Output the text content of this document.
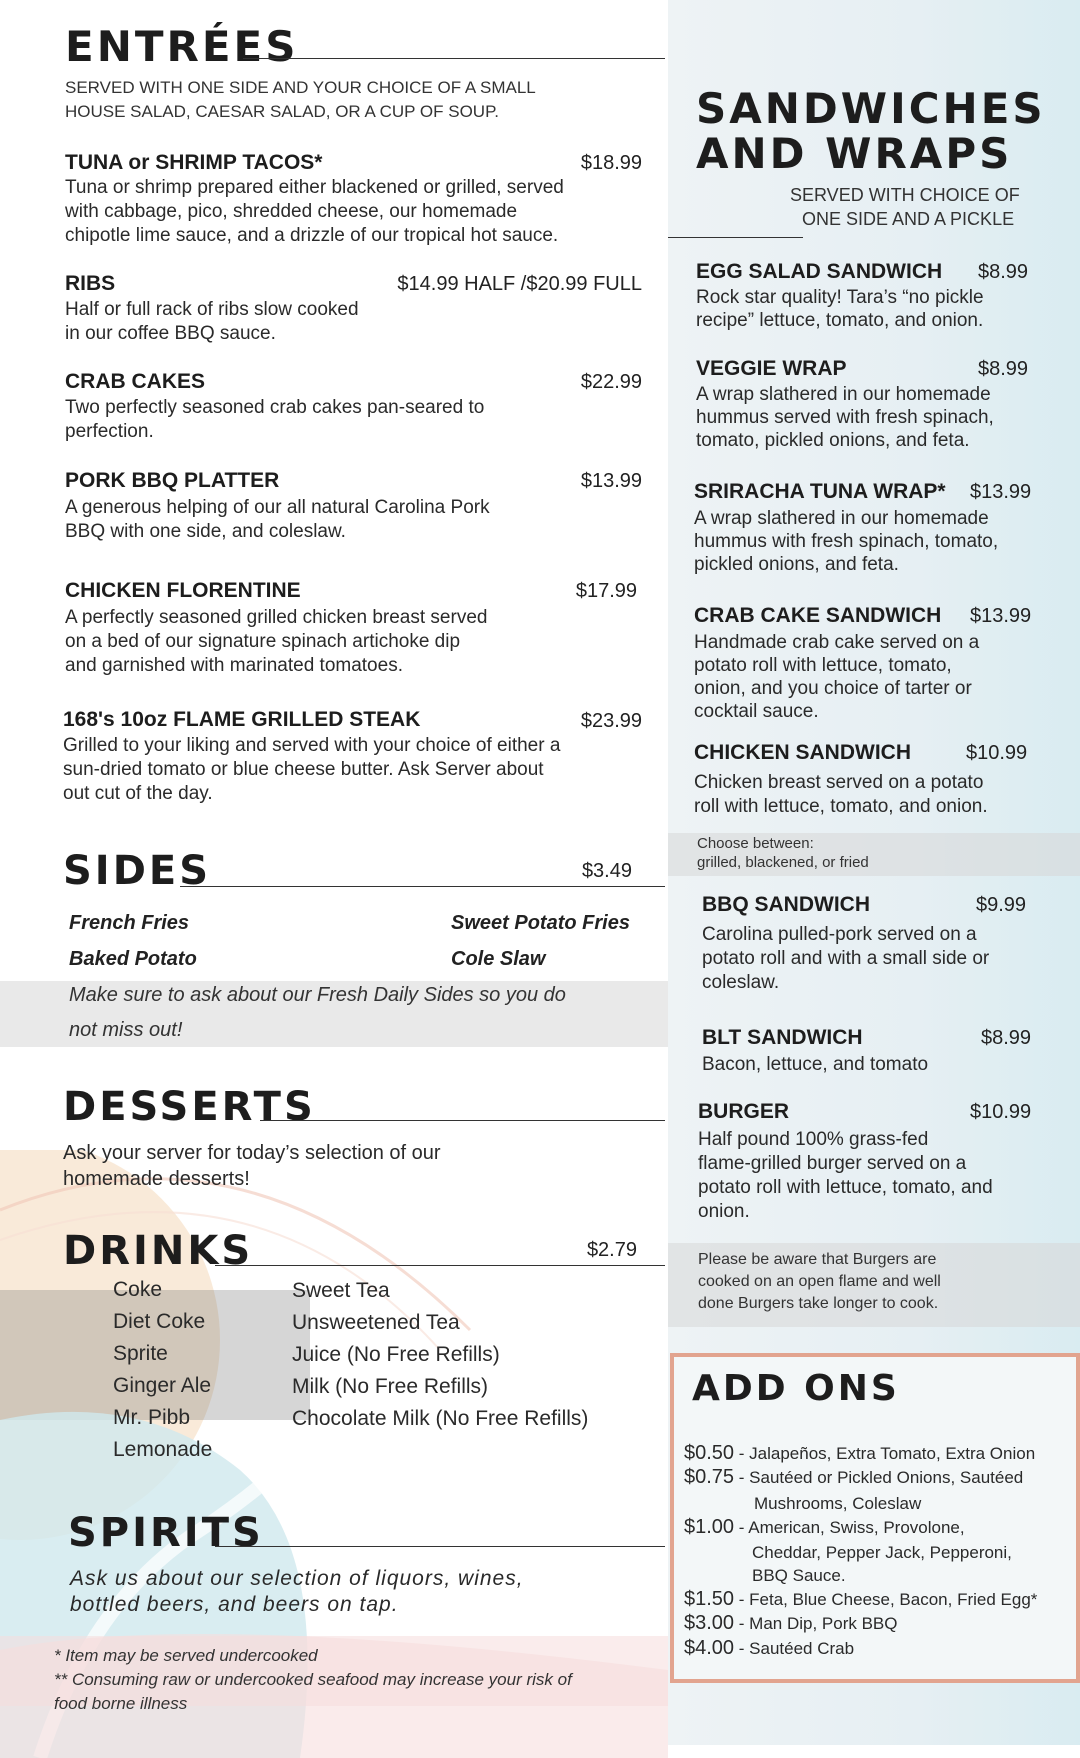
ENTRÉES
SERVED WITH ONE SIDE AND YOUR CHOICE OF A SMALL
HOUSE SALAD, CAESAR SALAD, OR A CUP OF SOUP.
TUNA or SHRIMP TACOS*	$18.99
Tuna or shrimp prepared either blackened or grilled, served
with cabbage, pico, shredded cheese, our homemade
chipotle lime sauce, and a drizzle of our tropical hot sauce.
RIBS	$14.99 HALF /$20.99 FULL
Half or full rack of ribs slow cooked
in our coffee BBQ sauce.
CRAB CAKES	$22.99
Two perfectly seasoned crab cakes pan-seared to
perfection.
PORK BBQ PLATTER	$13.99
A generous helping of our all natural Carolina Pork
BBQ with one side, and coleslaw.
CHICKEN FLORENTINE	$17.99
A perfectly seasoned grilled chicken breast served
on a bed of our signature spinach artichoke dip
and garnished with marinated tomatoes.
168's 10oz FLAME GRILLED STEAK	$23.99
Grilled to your liking and served with your choice of either a
sun-dried tomato or blue cheese butter. Ask Server about
out cut of the day.
SIDES	$3.49
French Fries	Sweet Potato Fries
Baked Potato	Cole Slaw
Make sure to ask about our Fresh Daily Sides so you do
not miss out!
DESSERTS
Ask your server for today’s selection of our
homemade desserts!
DRINKS	$2.79
Coke
Diet Coke
Sprite
Ginger Ale
Mr. Pibb
Lemonade
Sweet Tea
Unsweetened Tea
Juice (No Free Refills)
Milk (No Free Refills)
Chocolate Milk (No Free Refills)
SPIRITS
Ask us about our selection of liquors, wines,
bottled beers, and beers on tap.
* Item may be served undercooked
** Consuming raw or undercooked seafood may increase your risk of
food borne illness
SANDWICHES
AND WRAPS
SERVED WITH CHOICE OF
ONE SIDE AND A PICKLE
EGG SALAD SANDWICH $8.99
Rock star quality! Tara’s “no pickle
recipe” lettuce, tomato, and onion.
VEGGIE WRAP	$8.99
A wrap slathered in our homemade
hummus served with fresh spinach,
tomato, pickled onions, and feta.
SRIRACHA TUNA WRAP* $13.99
A wrap slathered in our homemade
hummus with fresh spinach, tomato,
pickled onions, and feta.
CRAB CAKE SANDWICH $13.99
Handmade crab cake served on a
potato roll with lettuce, tomato,
onion, and you choice of tarter or
cocktail sauce.
CHICKEN SANDWICH	$10.99
Chicken breast served on a potato
roll with lettuce, tomato, and onion.
Choose between:
grilled, blackened, or fried
BBQ SANDWICH	$9.99
Carolina pulled-pork served on a
potato roll and with a small side or
coleslaw.
BLT SANDWICH	$8.99
Bacon, lettuce, and tomato
BURGER	$10.99
Half pound 100% grass-fed
flame-grilled burger served on a
potato roll with lettuce, tomato, and
onion.
Please be aware that Burgers are
cooked on an open flame and well
done Burgers take longer to cook.
ADD ONS
$0.50 - Jalapeños, Extra Tomato, Extra Onion
$0.75 - Sautéed or Pickled Onions, Sautéed
Mushrooms, Coleslaw
$1.00 - American, Swiss, Provolone,
Cheddar, Pepper Jack, Pepperoni,
BBQ Sauce.
$1.50 - Feta, Blue Cheese, Bacon, Fried Egg*
$3.00 - Man Dip, Pork BBQ
$4.00 - Sautéed Crab
